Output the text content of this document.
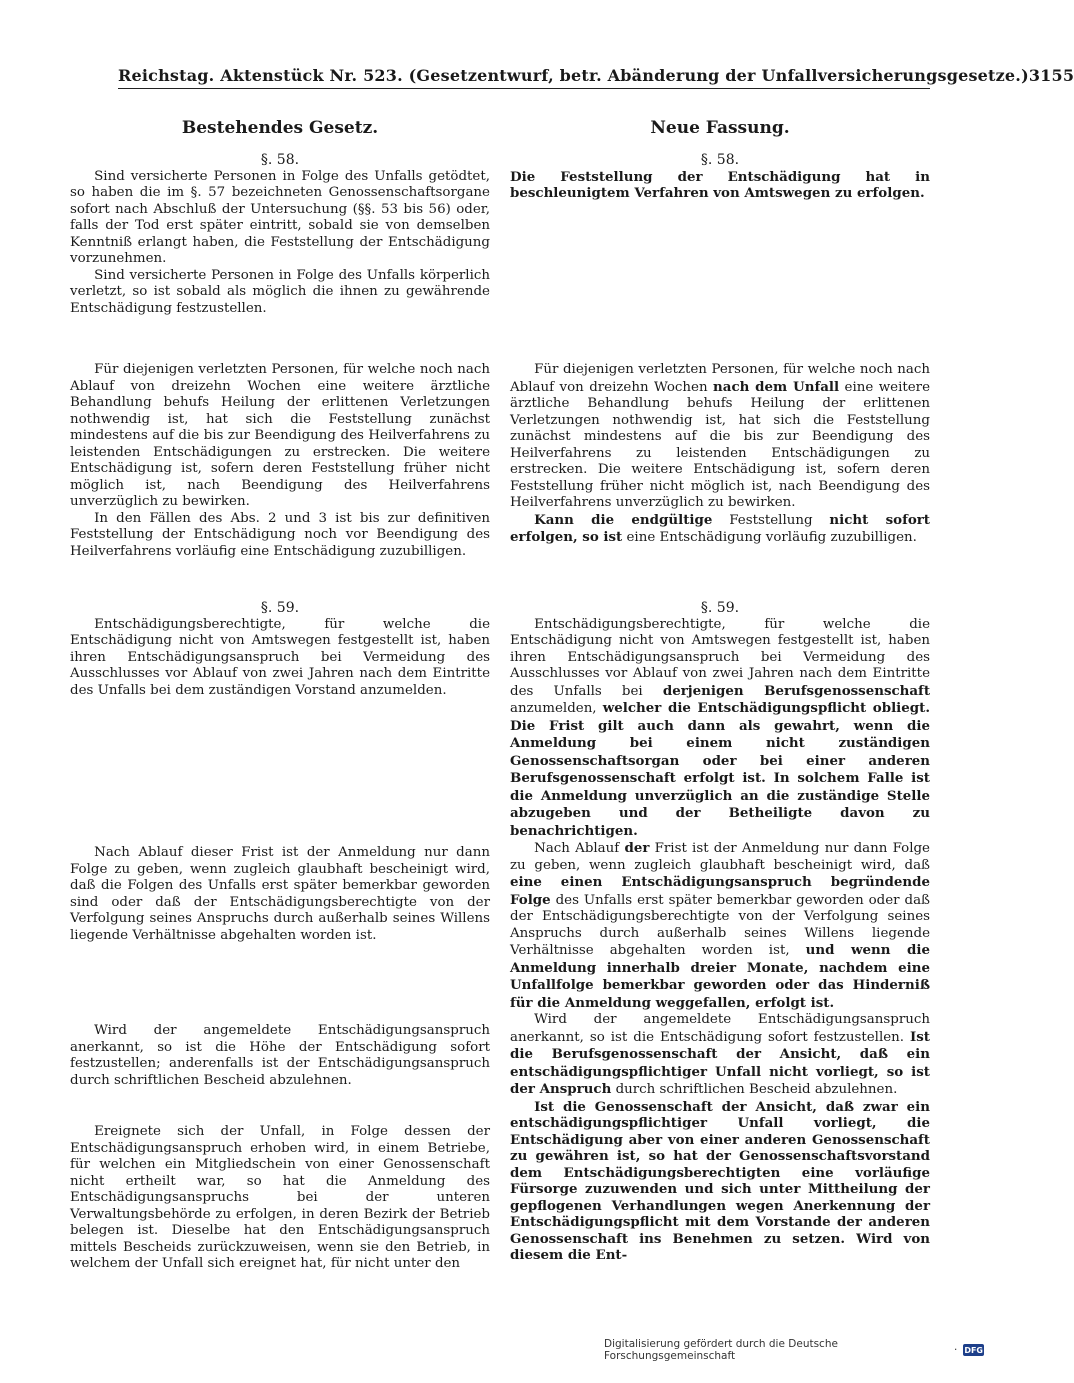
Reichstag. Aktenstück Nr. 523. (Gesetzentwurf, betr. Abänderung der Unfallversicherungsgesetze.) 3155
Bestehendes Gesetz.	Neue Fassung.
§. 58.

Sind versicherte Personen in Folge des Unfalls getödtet, so haben die im §. 57 bezeichneten Genossenschaftsorgane sofort nach Abschluß der Untersuchung (§§. 53 bis 56) oder, falls der Tod erst später eintritt, sobald sie von demselben Kenntniß erlangt haben, die Feststellung der Entschädigung vorzunehmen.

Sind versicherte Personen in Folge des Unfalls körperlich verletzt, so ist sobald als möglich die ihnen zu gewährende Entschädigung festzustellen.

Für diejenigen verletzten Personen, für welche noch nach Ablauf von dreizehn Wochen eine weitere ärztliche Behandlung behufs Heilung der erlittenen Verletzungen nothwendig ist, hat sich die Feststellung zunächst mindestens auf die bis zur Beendigung des Heilverfahrens zu leistenden Entschädigungen zu erstrecken. Die weitere Entschädigung ist, sofern deren Feststellung früher nicht möglich ist, nach Beendigung des Heilverfahrens unverzüglich zu bewirken.

In den Fällen des Abs. 2 und 3 ist bis zur definitiven Feststellung der Entschädigung noch vor Beendigung des Heilverfahrens vorläufig eine Entschädigung zuzubilligen.

§. 59.

Entschädigungsberechtigte, für welche die Entschädigung nicht von Amtswegen festgestellt ist, haben ihren Entschädigungsanspruch bei Vermeidung des Ausschlusses vor Ablauf von zwei Jahren nach dem Eintritte des Unfalls bei dem zuständigen Vorstand anzumelden.

Nach Ablauf dieser Frist ist der Anmeldung nur dann Folge zu geben, wenn zugleich glaubhaft bescheinigt wird, daß die Folgen des Unfalls erst später bemerkbar geworden sind oder daß der Entschädigungsberechtigte von der Verfolgung seines Anspruchs durch außerhalb seines Willens liegende Verhältnisse abgehalten worden ist.

Wird der angemeldete Entschädigungsanspruch anerkannt, so ist die Höhe der Entschädigung sofort festzustellen; anderenfalls ist der Entschädigungsanspruch durch schriftlichen Bescheid abzulehnen.

Ereignete sich der Unfall, in Folge dessen der Entschädigungsanspruch erhoben wird, in einem Betriebe, für welchen ein Mitgliedschein von einer Genossenschaft nicht ertheilt war, so hat die Anmeldung des Entschädigungsanspruchs bei der unteren Verwaltungsbehörde zu erfolgen, in deren Bezirk der Betrieb belegen ist. Dieselbe hat den Entschädigungsanspruch mittels Bescheids zurückzuweisen, wenn sie den Betrieb, in welchem der Unfall sich ereignet hat, für nicht unter den

§. 58.

Die Feststellung der Entschädigung hat in beschleunigtem Verfahren von Amtswegen zu erfolgen.

Für diejenigen verletzten Personen, für welche noch nach Ablauf von dreizehn Wochen nach dem Unfall eine weitere ärztliche Behandlung behufs Heilung der erlittenen Verletzungen nothwendig ist, hat sich die Feststellung zunächst mindestens auf die bis zur Beendigung des Heilverfahrens zu leistenden Entschädigungen zu erstrecken. Die weitere Entschädigung ist, sofern deren Feststellung früher nicht möglich ist, nach Beendigung des Heilverfahrens unverzüglich zu bewirken.

Kann die endgültige Feststellung nicht sofort erfolgen, so ist eine Entschädigung vorläufig zuzubilligen.

§. 59.

Entschädigungsberechtigte, für welche die Entschädigung nicht von Amtswegen festgestellt ist, haben ihren Entschädigungsanspruch bei Vermeidung des Ausschlusses vor Ablauf von zwei Jahren nach dem Eintritte des Unfalls bei derjenigen Berufsgenossenschaft anzumelden, welcher die Entschädigungspflicht obliegt. Die Frist gilt auch dann als gewahrt, wenn die Anmeldung bei einem nicht zuständigen Genossenschaftsorgan oder bei einer anderen Berufsgenossenschaft erfolgt ist. In solchem Falle ist die Anmeldung unverzüglich an die zuständige Stelle abzugeben und der Betheiligte davon zu benachrichtigen.

Nach Ablauf der Frist ist der Anmeldung nur dann Folge zu geben, wenn zugleich glaubhaft bescheinigt wird, daß eine einen Entschädigungsanspruch begründende Folge des Unfalls erst später bemerkbar geworden oder daß der Entschädigungsberechtigte von der Verfolgung seines Anspruchs durch außerhalb seines Willens liegende Verhältnisse abgehalten worden ist, und wenn die Anmeldung innerhalb dreier Monate, nachdem eine Unfallfolge bemerkbar geworden oder das Hinderniß für die Anmeldung weggefallen, erfolgt ist.

Wird der angemeldete Entschädigungsanspruch anerkannt, so ist die Entschädigung sofort festzustellen. Ist die Berufsgenossenschaft der Ansicht, daß ein entschädigungspflichtiger Unfall nicht vorliegt, so ist der Anspruch durch schriftlichen Bescheid abzulehnen.

Ist die Genossenschaft der Ansicht, daß zwar ein entschädigungspflichtiger Unfall vorliegt, die Entschädigung aber von einer anderen Genossenschaft zu gewähren ist, so hat der Genossenschaftsvorstand dem Entschädigungsberechtigten eine vorläufige Fürsorge zuzuwenden und sich unter Mittheilung der gepflogenen Verhandlungen wegen Anerkennung der Entschädigungspflicht mit dem Vorstande der anderen Genossenschaft ins Benehmen zu setzen. Wird von diesem die Ent-

Digitalisierung gefördert durch die Deutsche Forschungsgemeinschaft	· DFG
